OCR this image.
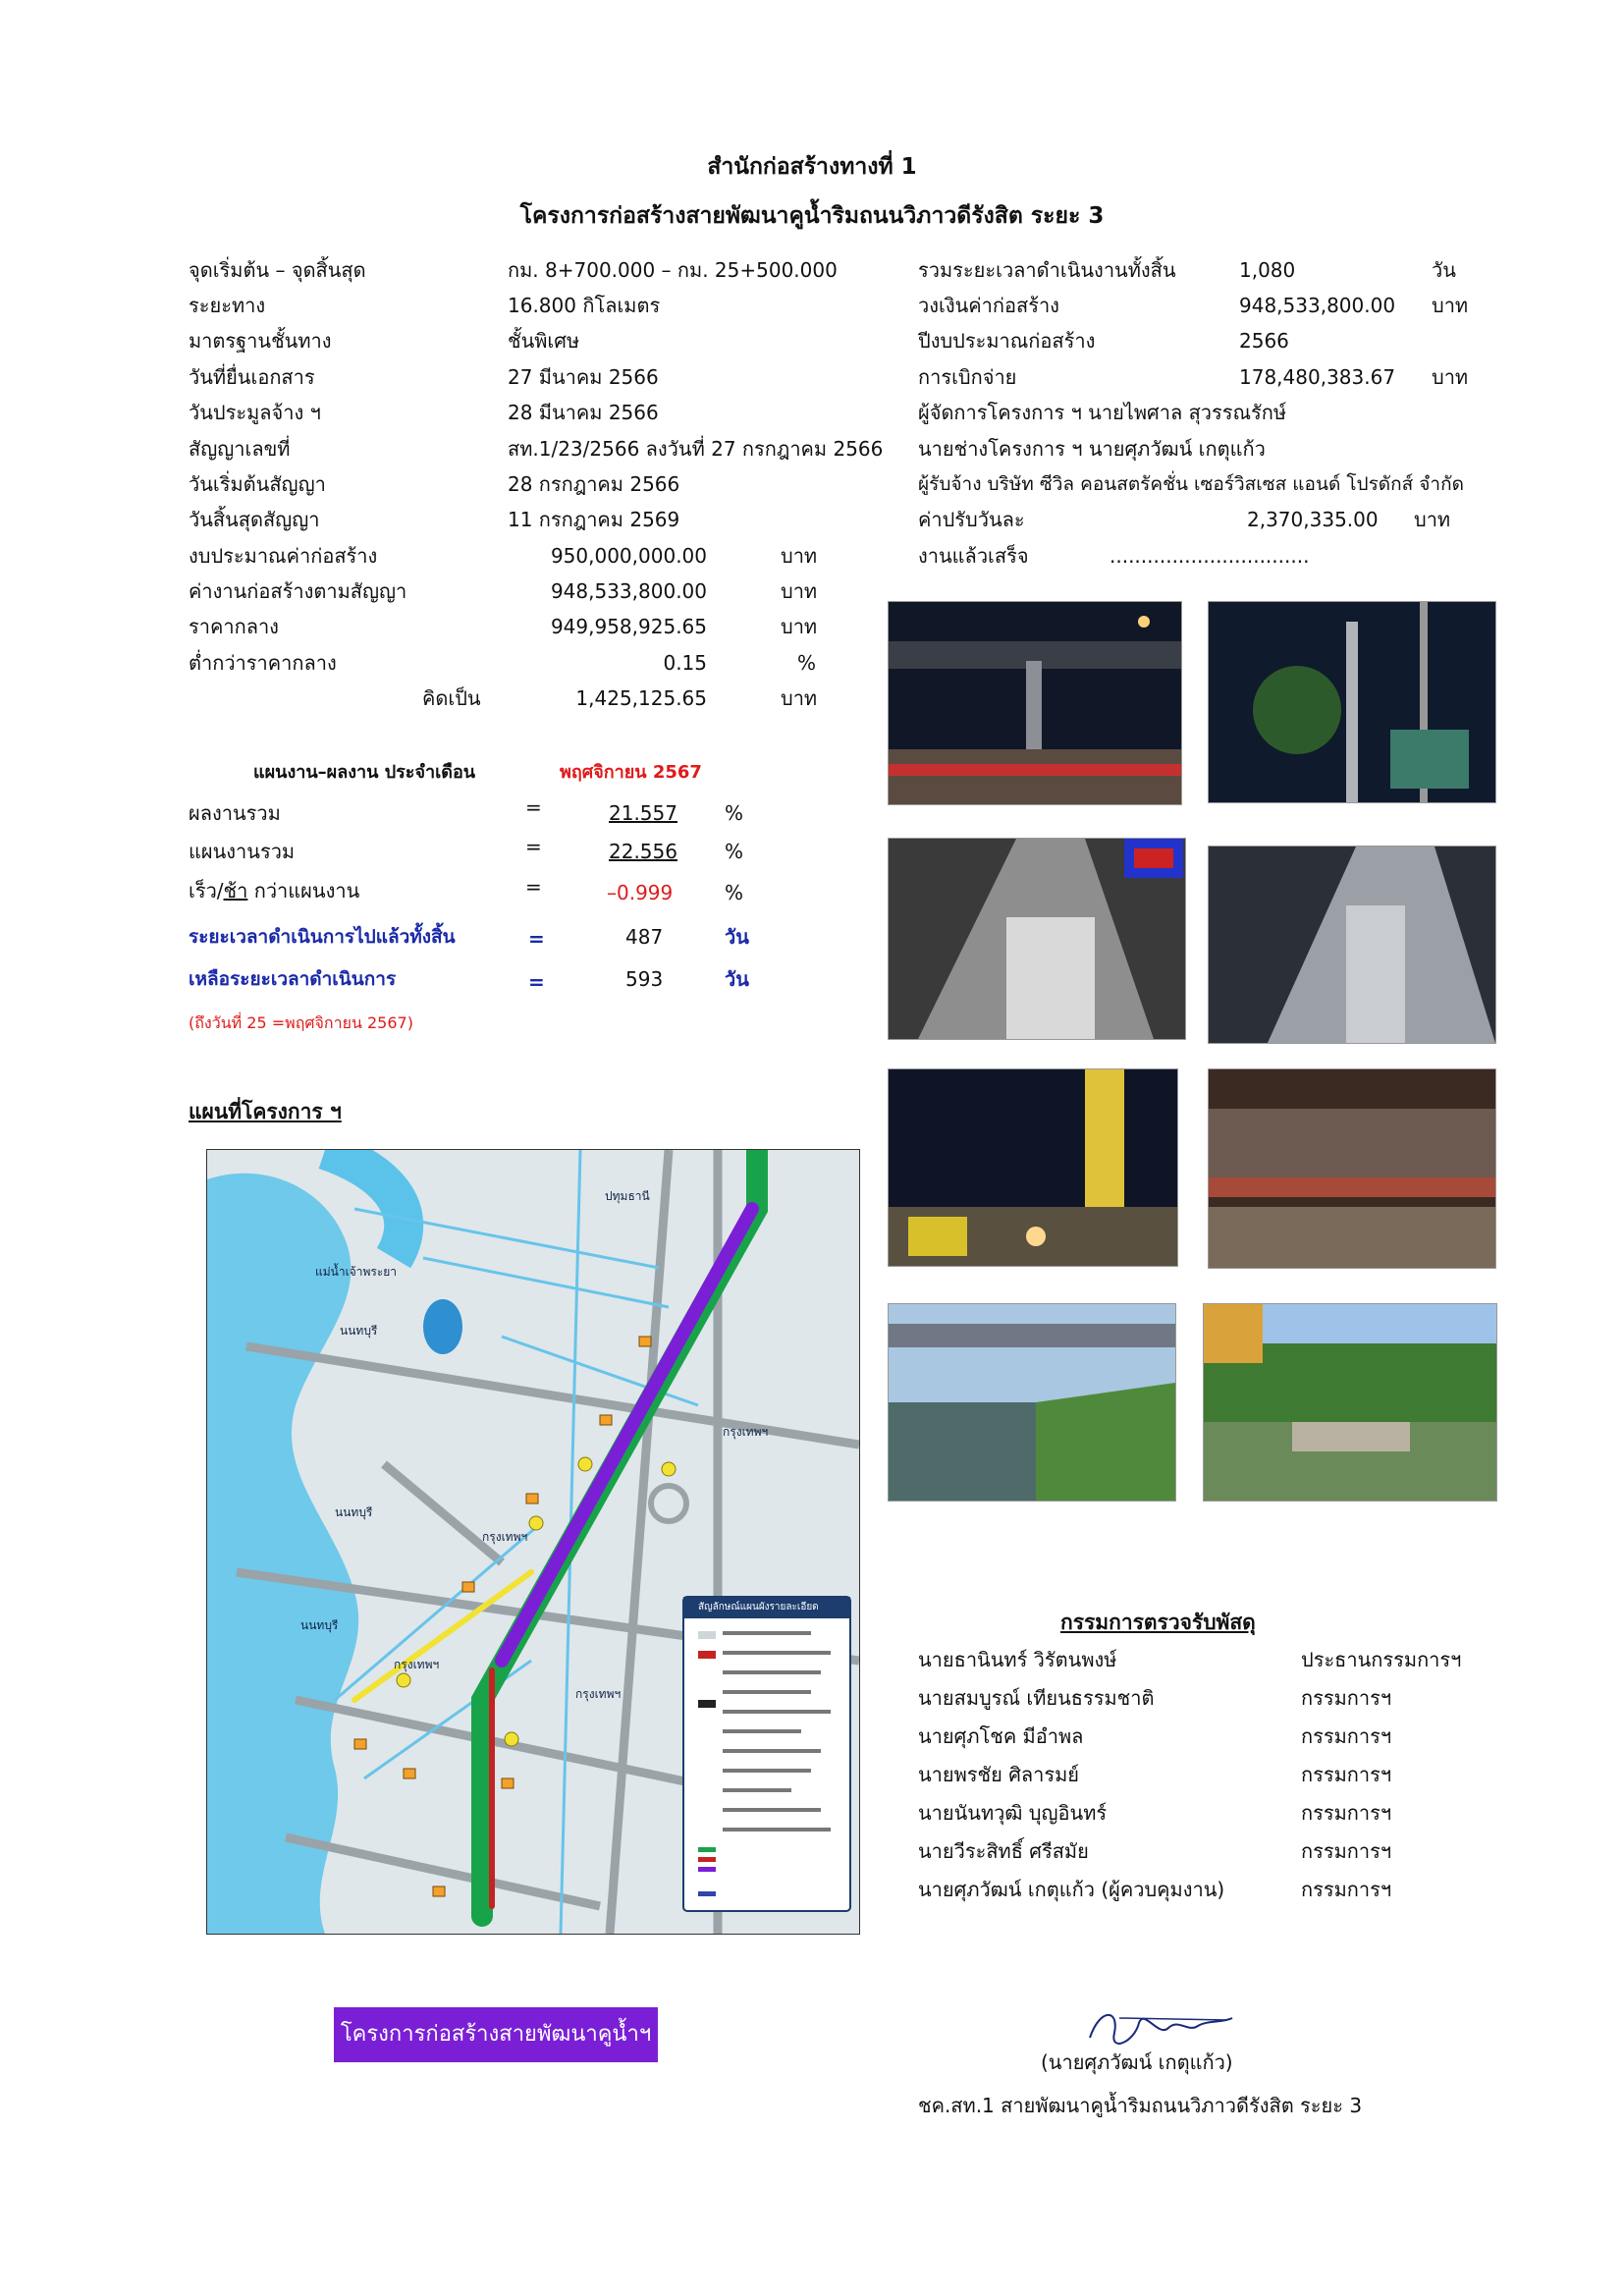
สำนักก่อสร้างทางที่ 1
โครงการก่อสร้างสายพัฒนาคูน้ำริมถนนวิภาวดีรังสิต ระยะ 3
จุดเริ่มต้น – จุดสิ้นสุด	กม. 8+700.000 – กม. 25+500.000
ระยะทาง	16.800 กิโลเมตร
มาตรฐานชั้นทาง	ชั้นพิเศษ
วันที่ยื่นเอกสาร	27 มีนาคม 2566
วันประมูลจ้าง ฯ	28 มีนาคม 2566
สัญญาเลขที่	สท.1/23/2566 ลงวันที่ 27 กรกฎาคม 2566
วันเริ่มต้นสัญญา	28 กรกฎาคม 2566
วันสิ้นสุดสัญญา	11 กรกฎาคม 2569
งบประมาณค่าก่อสร้าง	950,000,000.00	บาท
ค่างานก่อสร้างตามสัญญา	948,533,800.00	บาท
ราคากลาง	949,958,925.65	บาท
ต่ำกว่าราคากลาง	0.15	%
คิดเป็น	1,425,125.65	บาท
รวมระยะเวลาดำเนินงานทั้งสิ้น	1,080	วัน
วงเงินค่าก่อสร้าง	948,533,800.00 บาท
ปีงบประมาณก่อสร้าง	2566
การเบิกจ่าย	178,480,383.67 บาท
ผู้จัดการโครงการ ฯ นายไพศาล สุวรรณรักษ์
นายช่างโครงการ ฯ นายศุภวัฒน์ เกตุแก้ว
ผู้รับจ้าง บริษัท ซีวิล คอนสตรัคชั่น เซอร์วิสเซส แอนด์ โปรดักส์ จำกัด
ค่าปรับวันละ	2,370,335.00 บาท
งานแล้วเสร็จ	................................
แผนงาน–ผลงาน ประจำเดือน	พฤศจิกายน 2567
ผลงานรวม	=	21.557 %
แผนงานรวม	=	22.556 %
เร็ว/ช้า กว่าแผนงาน	=	–0.999	%
ระยะเวลาดำเนินการไปแล้วทั้งสิ้น	=	487	วัน
เหลือระยะเวลาดำเนินการ	=	593	วัน
(ถึงวันที่ 25 =พฤศจิกายน 2567)
แผนที่โครงการ ฯ
แม่น้ำเจ้าพระยา
ปทุมธานี
นนทบุรี
นนทบุรี
นนทบุรี
กรุงเทพฯ
กรุงเทพฯ
กรุงเทพฯ
กรุงเทพฯ
สัญลักษณ์แผนผังรายละเอียด
กรรมการตรวจรับพัสดุ
นายธานินทร์ วิรัตนพงษ์	ประธานกรรมการฯ
นายสมบูรณ์ เทียนธรรมชาติ	กรรมการฯ
นายศุภโชค มีอำพล	กรรมการฯ
นายพรชัย ศิลารมย์	กรรมการฯ
นายนันทวุฒิ บุญอินทร์	กรรมการฯ
นายวีระสิทธิ์ ศรีสมัย	กรรมการฯ
นายศุภวัฒน์ เกตุแก้ว (ผู้ควบคุมงาน)	กรรมการฯ
โครงการก่อสร้างสายพัฒนาคูน้ำฯ
(นายศุภวัฒน์ เกตุแก้ว)
ชค.สท.1 สายพัฒนาคูน้ำริมถนนวิภาวดีรังสิต ระยะ 3
